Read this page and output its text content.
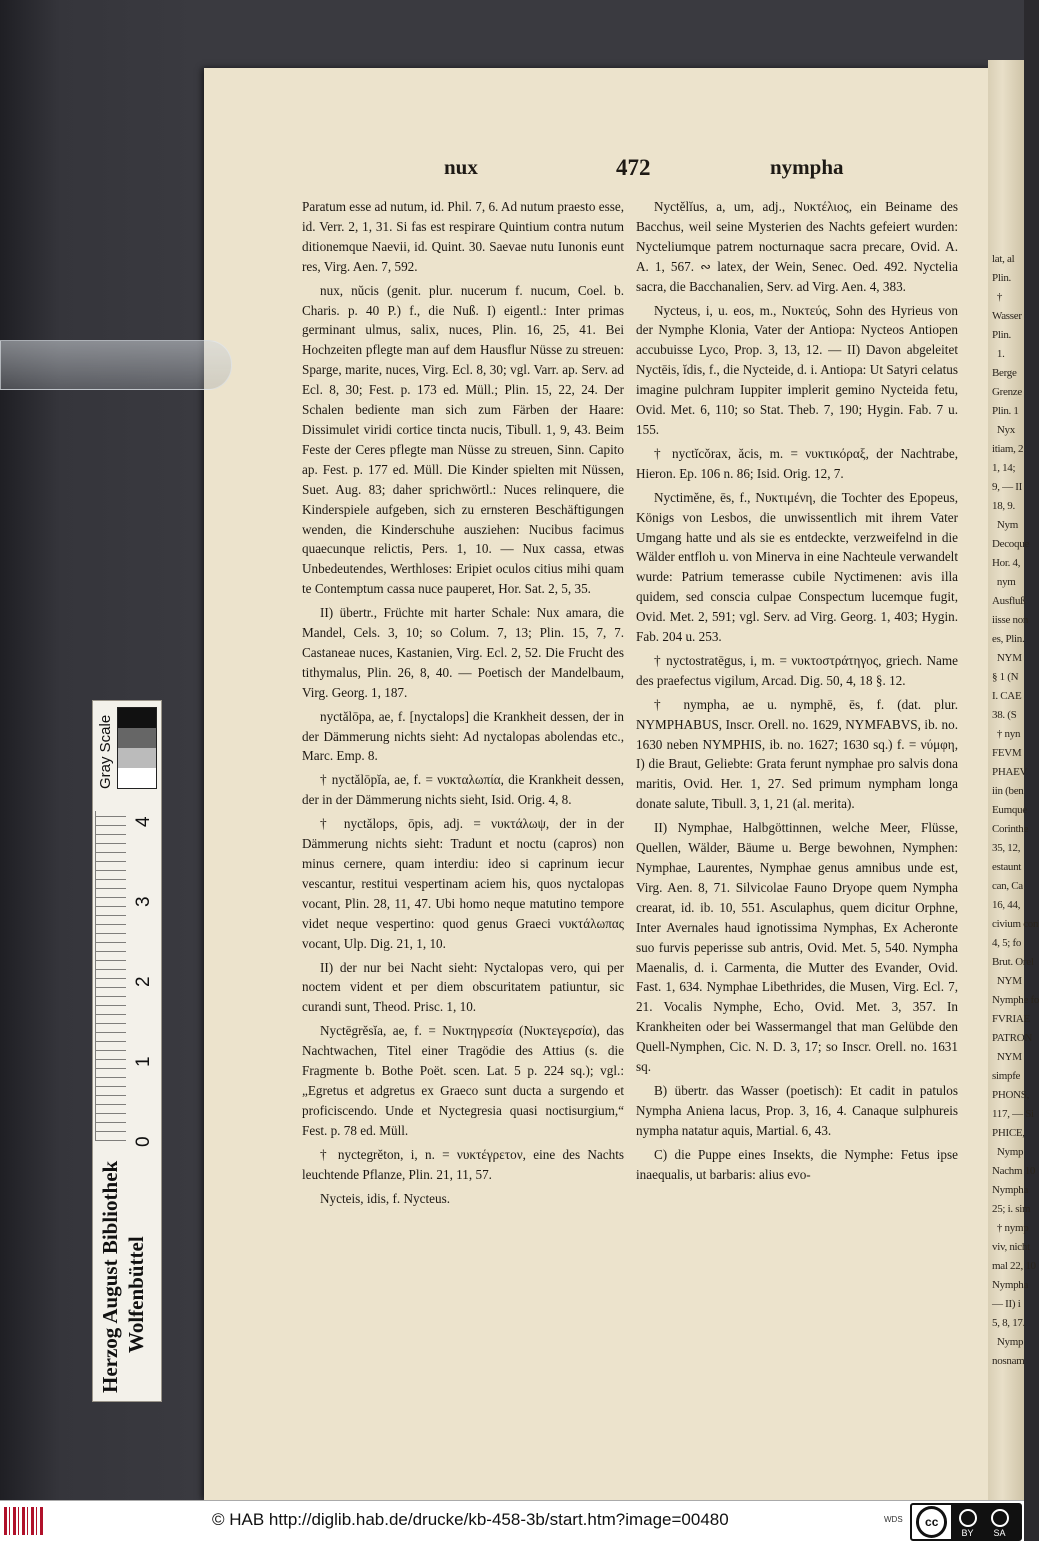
Herzog August Bibliothek Wolfenbüttel
0
1
2
3
4
Gray Scale
lat, al
Plin.
†
Wasser
Plin.
1.
Berge
Grenze
Plin. 1
Nyx
itiam, 2
1, 14;
9, — II
18, 9.
Nym
Decoque
Hor. 4,
nym
Ausfluß
iisse non
es, Plin.
NYM
§ 1 (N
I. CAE
38. (S
† nyn
FEVM
PHAEV
iin (ben
Eumque
Corinthe
35, 12,
estaunt
can, Ca
16, 44,
civium con
4, 5; fo
Brut. Orel
NYM
Nymphe fo
FVRIAE
PATRON
NYM
simpfe
PHONS,
117, — Si
PHICE,
Nymp
Nachm 10
Nympha
25; i. sim
† nymp
viv, nicht
mal 22, 10
Nympha
— II) i
5, 8, 17.
Nymp
nosnam
nux	472	nympha

Paratum esse ad nutum, id. Phil. 7, 6. Ad nutum praesto esse, id. Verr. 2, 1, 31. Si fas est respirare Quintium contra nutum ditionemque Naevii, id. Quint. 30. Saevae nutu Iunonis eunt res, Virg. Aen. 7, 592.

nux, nŭcis (genit. plur. nucerum f. nucum, Coel. b. Charis. p. 40 P.) f., die Nuß. I) eigentl.: Inter primas germinant ulmus, salix, nuces, Plin. 16, 25, 41. Bei Hochzeiten pflegte man auf dem Hausflur Nüsse zu streuen: Sparge, marite, nuces, Virg. Ecl. 8, 30; vgl. Varr. ap. Serv. ad Ecl. 8, 30; Fest. p. 173 ed. Müll.; Plin. 15, 22, 24. Der Schalen bediente man sich zum Färben der Haare: Dissimulet viridi cortice tincta nucis, Tibull. 1, 9, 43. Beim Feste der Ceres pflegte man Nüsse zu streuen, Sinn. Capito ap. Fest. p. 177 ed. Müll. Die Kinder spielten mit Nüssen, Suet. Aug. 83; daher sprichwörtl.: Nuces relinquere, die Kinderspiele aufgeben, sich zu ernsteren Beschäftigungen wenden, die Kinderschuhe ausziehen: Nucibus facimus quaecunque relictis, Pers. 1, 10. — Nux cassa, etwas Unbedeutendes, Werthloses: Eripiet oculos citius mihi quam te Contemptum cassa nuce pauperet, Hor. Sat. 2, 5, 35.

II) übertr., Früchte mit harter Schale: Nux amara, die Mandel, Cels. 3, 10; so Colum. 7, 13; Plin. 15, 7, 7. Castaneae nuces, Kastanien, Virg. Ecl. 2, 52. Die Frucht des tithymalus, Plin. 26, 8, 40. — Poetisch der Mandelbaum, Virg. Georg. 1, 187.

nyctălōpa, ae, f. [nyctalops] die Krankheit dessen, der in der Dämmerung nichts sieht: Ad nyctalopas abolendas etc., Marc. Emp. 8.

† nyctălōpĭa, ae, f. = νυκταλωπία, die Krankheit dessen, der in der Dämmerung nichts sieht, Isid. Orig. 4, 8.

† nyctălops, ōpis, adj. = νυκτάλωψ, der in der Dämmerung nichts sieht: Tradunt et noctu (capros) non minus cernere, quam interdiu: ideo si caprinum iecur vescantur, restitui vespertinam aciem his, quos nyctalopas vocant, Plin. 28, 11, 47. Ubi homo neque matutino tempore videt neque vespertino: quod genus Graeci νυκτάλωπας vocant, Ulp. Dig. 21, 1, 10.

II) der nur bei Nacht sieht: Nyctalopas vero, qui per noctem vident et per diem obscuritatem patiuntur, sic curandi sunt, Theod. Prisc. 1, 10.

Nyctēgrĕsĭa, ae, f. = Νυκτηγρεσία (Νυκτεγερσία), das Nachtwachen, Titel einer Tragödie des Attius (s. die Fragmente b. Bothe Poët. scen. Lat. 5 p. 224 sq.); vgl.: „Egretus et adgretus ex Graeco sunt ducta a surgendo et proficiscendo. Unde et Nyctegresia quasi noctisurgium,“ Fest. p. 78 ed. Müll.

† nyctegrĕton, i, n. = νυκτέγρετον, eine des Nachts leuchtende Pflanze, Plin. 21, 11, 57.

Nycteis, idis, f. Nycteus.

Nyctĕlĭus, a, um, adj., Νυκτέλιος, ein Beiname des Bacchus, weil seine Mysterien des Nachts gefeiert wurden: Nycteliumque patrem nocturnaque sacra precare, Ovid. A. A. 1, 567. ∾ latex, der Wein, Senec. Oed. 492. Nyctelia sacra, die Bacchanalien, Serv. ad Virg. Aen. 4, 383.

Nycteus, i, u. eos, m., Νυκτεύς, Sohn des Hyrieus von der Nymphe Klonia, Vater der Antiopa: Nycteos Antiopen accubuisse Lyco, Prop. 3, 13, 12. — II) Davon abgeleitet Nyctēis, ĭdis, f., die Nycteide, d. i. Antiopa: Ut Satyri celatus imagine pulchram Iuppiter implerit gemino Nycteida fetu, Ovid. Met. 6, 110; so Stat. Theb. 7, 190; Hygin. Fab. 7 u. 155.

† nyctĭcŏrax, ăcis, m. = νυκτικόραξ, der Nachtrabe, Hieron. Ep. 106 n. 86; Isid. Orig. 12, 7.

Nyctimĕne, ēs, f., Νυκτιμένη, die Tochter des Epopeus, Königs von Lesbos, die unwissentlich mit ihrem Vater Umgang hatte und als sie es entdeckte, verzweifelnd in die Wälder entfloh u. von Minerva in eine Nachteule verwandelt wurde: Patrium temerasse cubile Nyctimenen: avis illa quidem, sed conscia culpae Conspectum lucemque fugit, Ovid. Met. 2, 591; vgl. Serv. ad Virg. Georg. 1, 403; Hygin. Fab. 204 u. 253.

† nyctostratēgus, i, m. = νυκτοστράτηγος, griech. Name des praefectus vigilum, Arcad. Dig. 50, 4, 18 §. 12.

† nympha, ae u. nymphē, ēs, f. (dat. plur. NYMPHABUS, Inscr. Orell. no. 1629, NYMFABVS, ib. no. 1630 neben NYMPHIS, ib. no. 1627; 1630 sq.) f. = νύμφη, I) die Braut, Geliebte: Grata ferunt nymphae pro salvis dona maritis, Ovid. Her. 1, 27. Sed primum nympham longa donate salute, Tibull. 3, 1, 21 (al. merita).

II) Nymphae, Halbgöttinnen, welche Meer, Flüsse, Quellen, Wälder, Bäume u. Berge bewohnen, Nymphen: Nymphae, Laurentes, Nymphae genus amnibus unde est, Virg. Aen. 8, 71. Silvicolae Fauno Dryope quem Nympha crearat, id. ib. 10, 551. Asculaphus, quem dicitur Orphne, Inter Avernales haud ignotissima Nymphas, Ex Acheronte suo furvis peperisse sub antris, Ovid. Met. 5, 540. Nympha Maenalis, d. i. Carmenta, die Mutter des Evander, Ovid. Fast. 1, 634. Nymphae Libethrides, die Musen, Virg. Ecl. 7, 21. Vocalis Nymphe, Echo, Ovid. Met. 3, 357. In Krankheiten oder bei Wassermangel that man Gelübde den Quell-Nymphen, Cic. N. D. 3, 17; so Inscr. Orell. no. 1631 sq.

B) übertr. das Wasser (poetisch): Et cadit in patulos Nympha Aniena lacus, Prop. 3, 16, 4. Canaque sulphureis nympha natatur aquis, Martial. 6, 43.

C) die Puppe eines Insekts, die Nymphe: Fetus ipse inaequalis, ut barbaris: alius evo-

© HAB http://diglib.hab.de/drucke/kb-458-3b/start.htm?image=00480	WDS	cc
BY SA
